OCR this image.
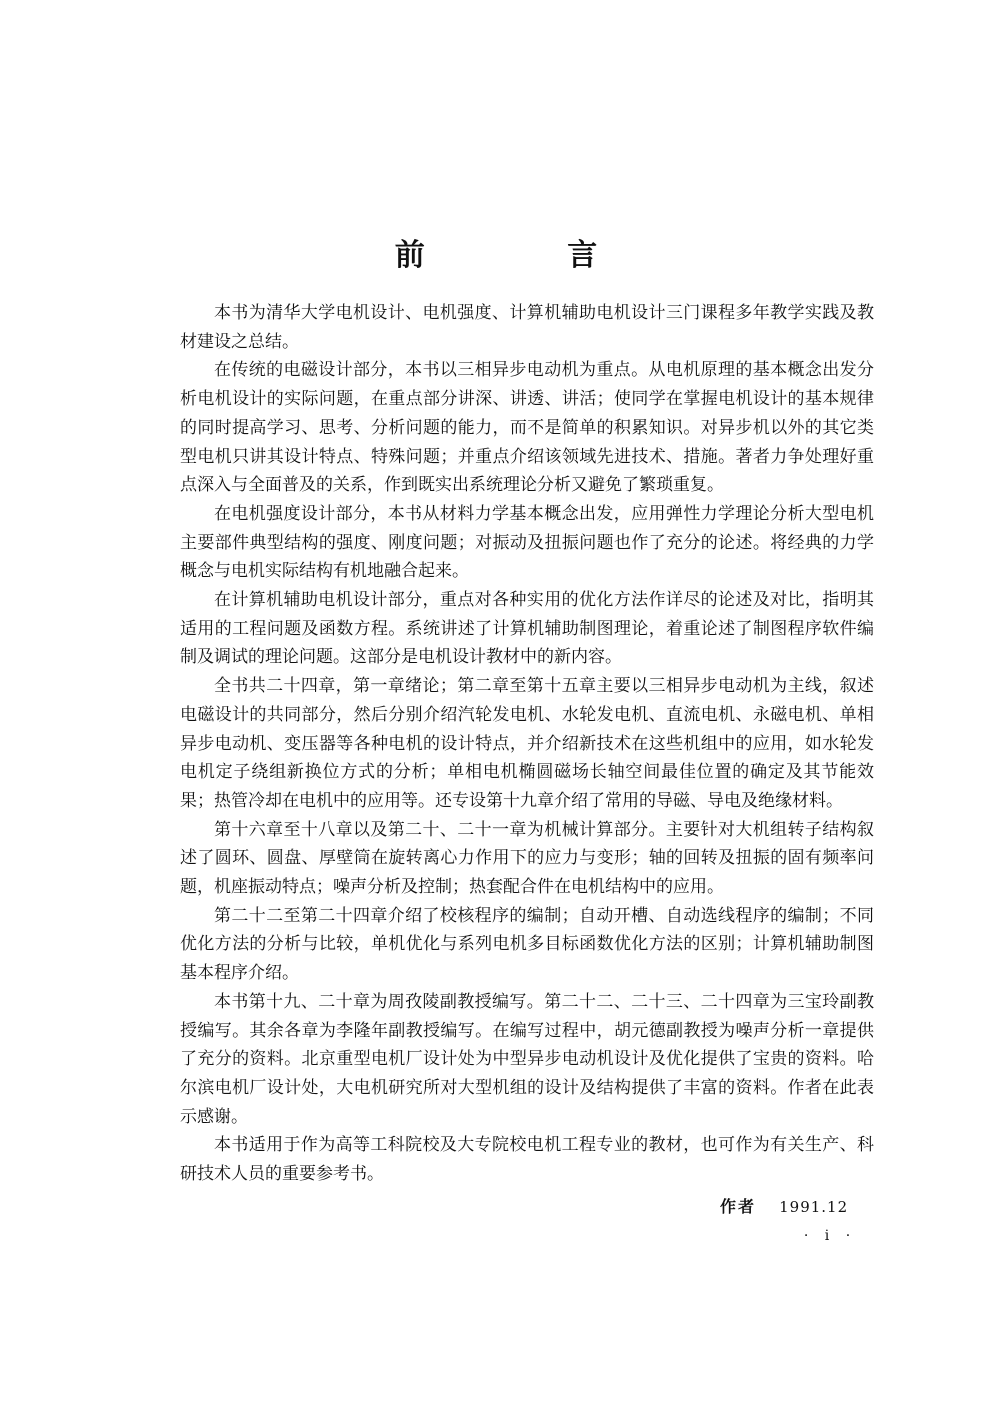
前 言

本书为清华大学电机设计、电机强度、计算机辅助电机设计三门课程多年教学实践及教材建设之总结。

在传统的电磁设计部分，本书以三相异步电动机为重点。从电机原理的基本概念出发分析电机设计的实际问题，在重点部分讲深、讲透、讲活；使同学在掌握电机设计的基本规律的同时提高学习、思考、分析问题的能力，而不是简单的积累知识。对异步机以外的其它类型电机只讲其设计特点、特殊问题；并重点介绍该领域先进技术、措施。著者力争处理好重点深入与全面普及的关系，作到既实出系统理论分析又避免了繁琐重复。

在电机强度设计部分，本书从材料力学基本概念出发，应用弹性力学理论分析大型电机主要部件典型结构的强度、刚度问题；对振动及扭振问题也作了充分的论述。将经典的力学概念与电机实际结构有机地融合起来。

在计算机辅助电机设计部分，重点对各种实用的优化方法作详尽的论述及对比，指明其适用的工程问题及函数方程。系统讲述了计算机辅助制图理论，着重论述了制图程序软件编制及调试的理论问题。这部分是电机设计教材中的新内容。

全书共二十四章，第一章绪论；第二章至第十五章主要以三相异步电动机为主线，叙述电磁设计的共同部分，然后分别介绍汽轮发电机、水轮发电机、直流电机、永磁电机、单相异步电动机、变压器等各种电机的设计特点，并介绍新技术在这些机组中的应用，如水轮发电机定子绕组新换位方式的分析；单相电机椭圆磁场长轴空间最佳位置的确定及其节能效果；热管冷却在电机中的应用等。还专设第十九章介绍了常用的导磁、导电及绝缘材料。

第十六章至十八章以及第二十、二十一章为机械计算部分。主要针对大机组转子结构叙述了圆环、圆盘、厚壁筒在旋转离心力作用下的应力与变形；轴的回转及扭振的固有频率问题，机座振动特点；噪声分析及控制；热套配合件在电机结构中的应用。

第二十二至第二十四章介绍了校核程序的编制；自动开槽、自动选线程序的编制；不同优化方法的分析与比较，单机优化与系列电机多目标函数优化方法的区别；计算机辅助制图基本程序介绍。

本书第十九、二十章为周孜陵副教授编写。第二十二、二十三、二十四章为三宝玲副教授编写。其余各章为李隆年副教授编写。在编写过程中，胡元德副教授为噪声分析一章提供了充分的资料。北京重型电机厂设计处为中型异步电动机设计及优化提供了宝贵的资料。哈尔滨电机厂设计处，大电机研究所对大型机组的设计及结构提供了丰富的资料。作者在此表示感谢。

本书适用于作为高等工科院校及大专院校电机工程专业的教材，也可作为有关生产、科研技术人员的重要参考书。

作者 1991.12
· i ·
